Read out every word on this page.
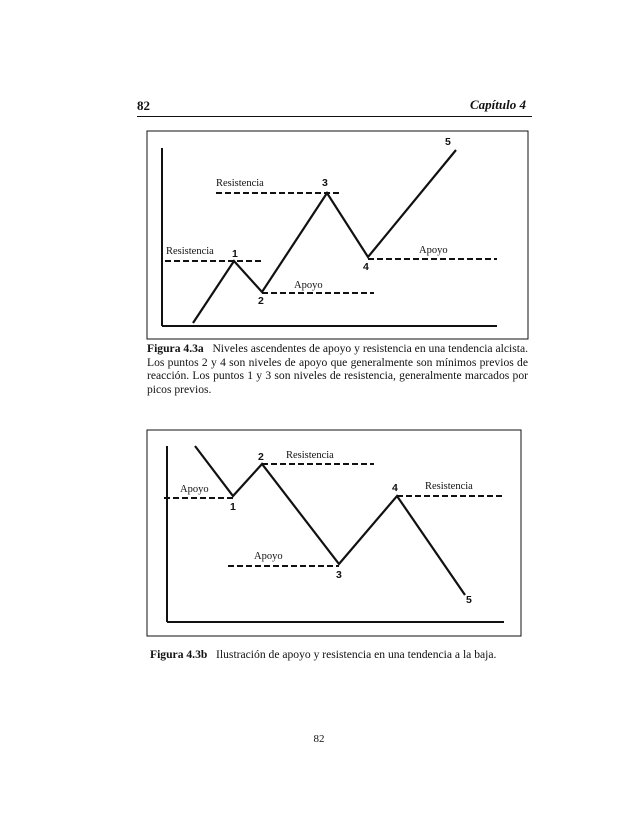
82	Capítulo 4
Resistencia
Resistencia
Apoyo
Apoyo
1
2
3
4
5
Apoyo
Resistencia
Resistencia
Apoyo
1
2
3
4
5
Figura 4.3a Niveles ascendentes de apoyo y resistencia en una tendencia alcista. Los puntos 2 y 4 son niveles de apoyo que generalmente son mínimos previos de reacción. Los puntos 1 y 3 son niveles de resistencia, generalmente marcados por picos previos.
Figura 4.3b Ilustración de apoyo y resistencia en una tendencia a la baja.
82
